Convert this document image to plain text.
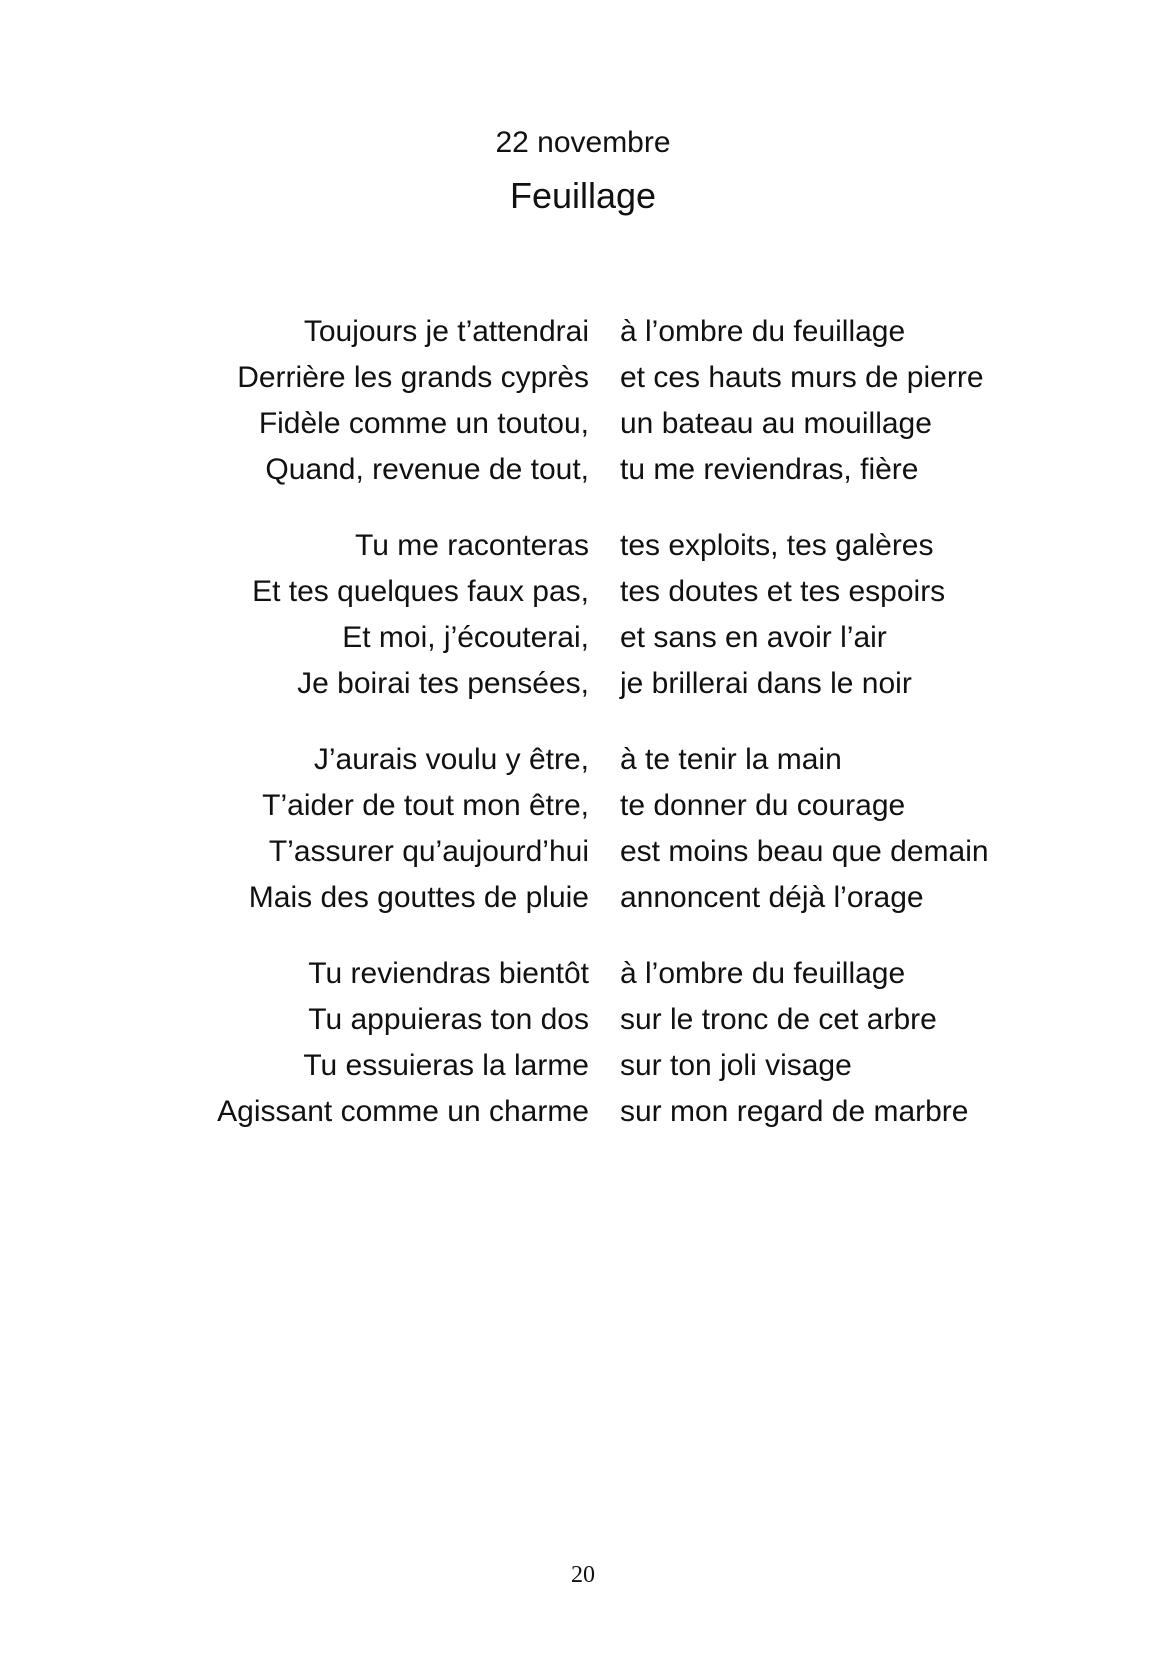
22 novembre
Feuillage
Toujours je t’attendrai à l’ombre du feuillage
Derrière les grands cyprès et ces hauts murs de pierre
Fidèle comme un toutou, un bateau au mouillage
Quand, revenue de tout, tu me reviendras, fière
Tu me raconteras tes exploits, tes galères
Et tes quelques faux pas, tes doutes et tes espoirs
Et moi, j’écouterai, et sans en avoir l’air
Je boirai tes pensées, je brillerai dans le noir
J’aurais voulu y être, à te tenir la main
T’aider de tout mon être, te donner du courage
T’assurer qu’aujourd’hui est moins beau que demain
Mais des gouttes de pluie annoncent déjà l’orage
Tu reviendras bientôt à l’ombre du feuillage
Tu appuieras ton dos sur le tronc de cet arbre
Tu essuieras la larme sur ton joli visage
Agissant comme un charme sur mon regard de marbre
20
